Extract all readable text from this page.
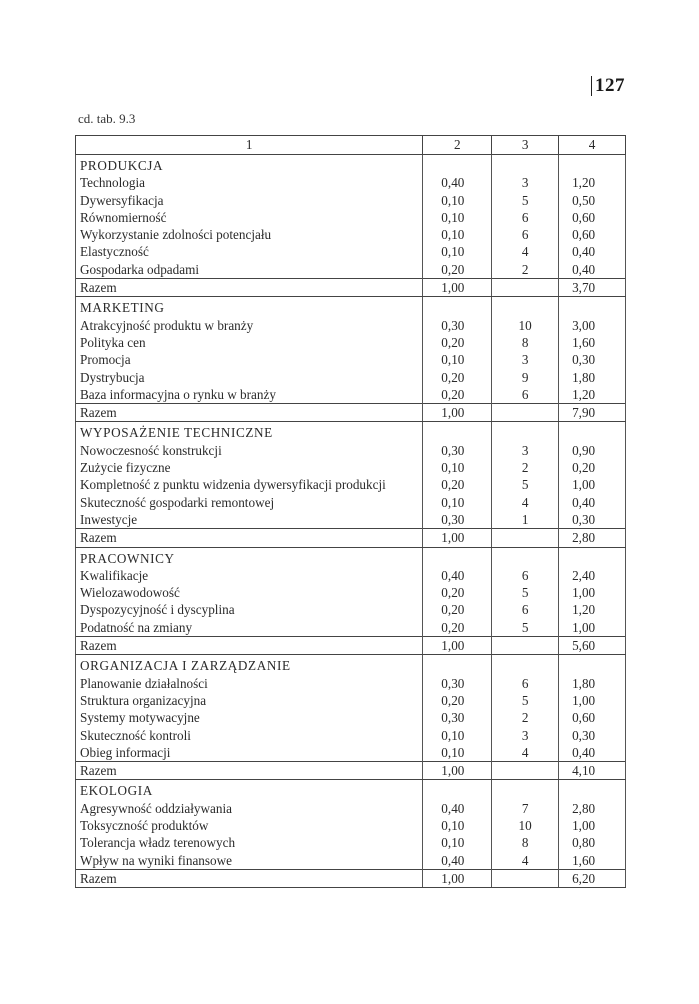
127
cd. tab. 9.3
1	2	3	4
PRODUKCJA			
Technologia	0,40	3	1,20
Dywersyfikacja	0,10	5	0,50
Równomierność	0,10	6	0,60
Wykorzystanie zdolności potencjału	0,10	6	0,60
Elastyczność	0,10	4	0,40
Gospodarka odpadami	0,20	2	0,40
Razem	1,00		3,70
MARKETING			
Atrakcyjność produktu w branży	0,30	10	3,00
Polityka cen	0,20	8	1,60
Promocja	0,10	3	0,30
Dystrybucja	0,20	9	1,80
Baza informacyjna o rynku w branży	0,20	6	1,20
Razem	1,00		7,90
WYPOSAŻENIE TECHNICZNE			
Nowoczesność konstrukcji	0,30	3	0,90
Zużycie fizyczne	0,10	2	0,20
Kompletność z punktu widzenia dywersyfikacji produkcji	0,20	5	1,00
Skuteczność gospodarki remontowej	0,10	4	0,40
Inwestycje	0,30	1	0,30
Razem	1,00		2,80
PRACOWNICY			
Kwalifikacje	0,40	6	2,40
Wielozawodowość	0,20	5	1,00
Dyspozycyjność i dyscyplina	0,20	6	1,20
Podatność na zmiany	0,20	5	1,00
Razem	1,00		5,60
ORGANIZACJA I ZARZĄDZANIE			
Planowanie działalności	0,30	6	1,80
Struktura organizacyjna	0,20	5	1,00
Systemy motywacyjne	0,30	2	0,60
Skuteczność kontroli	0,10	3	0,30
Obieg informacji	0,10	4	0,40
Razem	1,00		4,10
EKOLOGIA			
Agresywność oddziaływania	0,40	7	2,80
Toksyczność produktów	0,10	10	1,00
Tolerancja władz terenowych	0,10	8	0,80
Wpływ na wyniki finansowe	0,40	4	1,60
Razem	1,00		6,20
